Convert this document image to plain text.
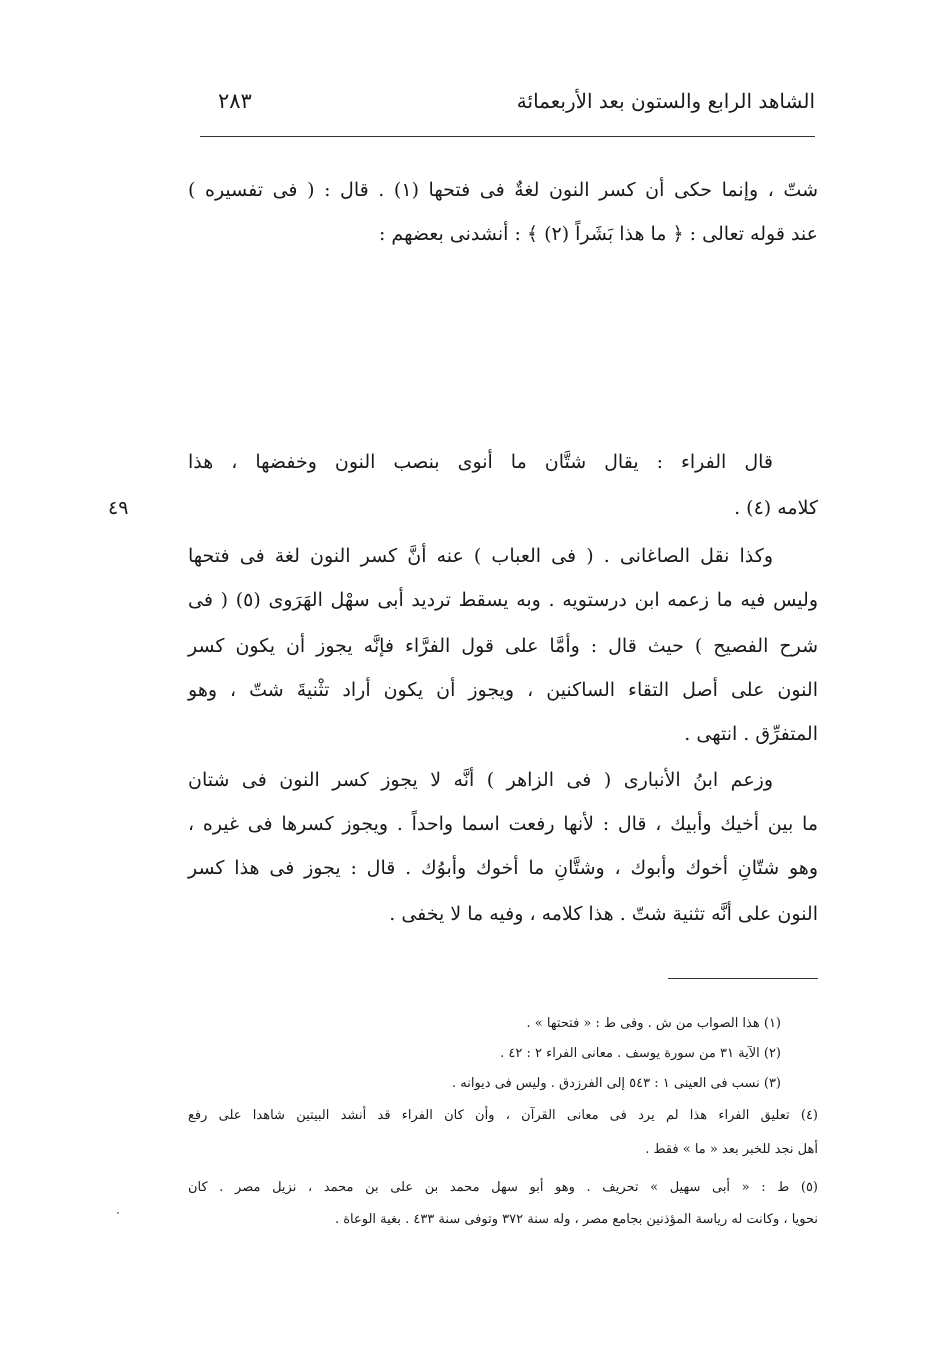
الشاهد الرابع والستون بعد الأربعمائة
٢٨٣
شتّ ، وإنما حكى أن كسر النون لغةٌ فى فتحها (١) . قال : ( فى تفسيره )
عند قوله تعالى : ﴿ ما هذا بَشَراً (٢) ﴾ : أنشدنى بعضهم :
قال الفراء : يقال شتَّان ما أنوى بنصب النون وخفضها ، هذا
كلامه (٤) .
٤٩
وكذا نقل الصاغانى . ( فى العباب ) عنه أنَّ كسر النون لغة فى فتحها
وليس فيه ما زعمه ابن درستويه . وبه يسقط ترديد أبى سهْل الهَرَوى (٥) ( فى
شرح الفصيح ) حيث قال : وأمَّا على قول الفرَّاء فإنَّه يجوز أن يكون كسر
النون على أصل التقاء الساكنين ، ويجوز أن يكون أراد تثْنيةَ شتّ ، وهو
المتفرِّق . انتهى .
وزعم ابنُ الأنبارى ( فى الزاهر ) أنَّه لا يجوز كسر النون فى شتان
ما بين أخيك وأبيك ، قال : لأنها رفعت اسما واحداً . ويجوز كسرها فى غيره ،
وهو شتّانِ أخوك وأبوك ، وشتَّانِ ما أخوك وأبوُك . قال : يجوز فى هذا كسر
النون على أنَّه تثنية شتّ . هذا كلامه ، وفيه ما لا يخفى .
(١) هذا الصواب من ش . وفى ط : « فتحتها » .
(٢) الآية ٣١ من سورة يوسف . معانى الفراء ٢ : ٤٢ .
(٣) نسب فى العينى ١ : ٥٤٣ إلى الفرزدق . وليس فى ديوانه .
(٤) تعليق الفراء هذا لم يرد فى معانى القرآن ، وأن كان الفراء قد أنشد البيتين شاهدا على رفع
أهل نجد للخبر بعد « ما » فقط .
(٥) ط : « أبى سهيل » تحريف . وهو أبو سهل محمد بن على بن محمد ، نزيل مصر . كان
نحويا ، وكانت له رياسة المؤذنين بجامع مصر ، وله سنة ٣٧٢ وتوفى سنة ٤٣٣ . بغية الوعاة .
